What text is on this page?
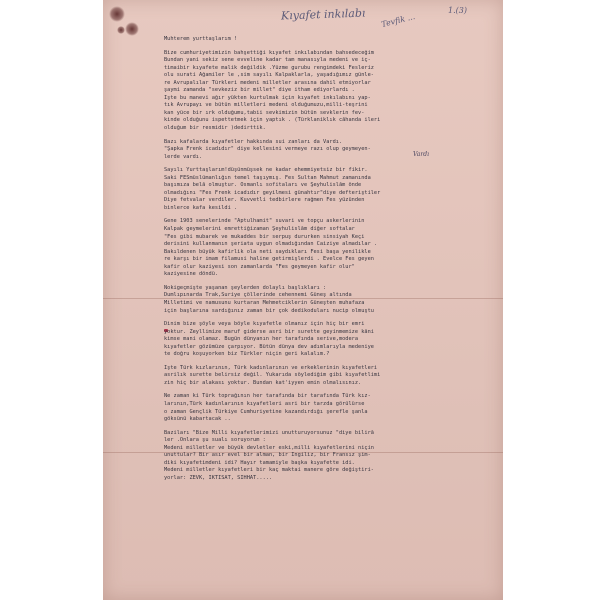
Kıyafet inkılabı Tevfik ...
1.(3)
Vardı
Muhterem yurttaşlarım !
Bize cumhuriyetimizin bahşettiği kıyafet inkılabından bahsedeceğim
Bundan yani sekiz sene evveline kadar tam manasıyla medeni ve iç-
timaibir kıyafete malik değildik .Yüzme gurubu rengimdeki Fesleriz
olu surati Ağamiler le ,sim sayılı Kalpaklarla, yaşadığımız günle-
re Avrupalılar Türkleri medeni milletler arasına dahil etmiyorlar
şaymi zamanda "sevkeziz bir millet" diye itham ediyorlardı .
İşte bu manevi ağır yükten kurtulmak için kıyafet inkılabını yap-
tık Avrupayı ve bütün milletleri medeni olduğumuzu,milli-teşrini
kan yüce bir ırk olduğumu,tabii sevkimizin bütün sevklerin fev-
kinde olduğunu ispettetmek için yaptık . (Türklaniklık câhanda ileri
olduğum bir resmidir )dedirttik.
Bazı kafalarda kıyafetler hakkında sui zanları da Vardı.
"Şapka Frenk icadıdır" diye kellesini vermeye razı olup geymeyen-
lerde vardı.
Sayılı Yurttaşlarım!düşünmüşsek ne kadar ehemmiyetsiz bir fikir.
Saki FESmüslümanlığın temel taşıymış. Fes Sultan Mahmut zamanında
başımıza belâ olmuştur. Osmanlı sofitaları ve Şeyhulislâm önde
olmadığını "Fes Frenk icadıdır geyilmesi günahtır"diye defteriştiler
Diye fetvalar verdiler. Kuvvetli tedbirlere rağmen Fes yüzünden
binlerce kafa kesildi .
Gene 1903 senelerinde "Aptulhamit" suvari ve topçu askerlerinin
Kalpak geymelerini emrettiğizaman Şeyhulislâm diğer softalar
"Fes gibi mubarek ve mukaddes bir serpuş dururken sinsiyah Keçi
derisini kullanmanın şeriata uygun olmadığından Caiziye almadılar .
Bakıldenen büyük kafirlik ola neti saydıkları Fesi başa yenilikle
re karşı bir imam filamusi haline getirmişlerdi . Evelce Fes geyen
kafir olur kaziyesi son zamanlarda "Fes geymeyen kafir olur"
kaziyesine döndü.
Nokigeçmişte yaşanan şeylerden dolaylı başlıkları :
Dumlıpınarda Trak,Suriye çöllerinde cehennemi Güneş altında
Milletimi ve namusunu kurtaran Mehmetciklerin Güneşten muhafaza
için başlarına sardığınız zaman bir çok dedikoduları nucip olmuştu
Dinim bize şöyle veya böyle kıyafetle olmanız için hiç bir emri
yoktur. Zeyllimize maruf giderse asri bir surette geyinmemize kâni
kimse mani olamaz. Bugün dünyanın her tarafında serive,modera
kıyafetler gözümüze çarpıyor. Bütün dünya dev adımlarıyla medeniye
te doğru koşuyorken biz Türkler niçin geri kalalım.?
İşte Türk kızlarının, Türk kadınlarının ve erkeklerinin kıyafetleri
asrilık surette belirsiz değil. Yukarıda söylediğim gibi kıyafetlimi
zin hiç bir alakası yoktur. Bundan kat'iyyen emin olmalısınız.
Ne zaman ki Türk toprağının her tarafında bir tarafında Türk kız-
larının,Türk kadınlarının kıyafetleri asri bir tarzda görülürse
o zaman Gençlik Türkiye Cumhuriyetine kazandırdığı şerefle şanla
göksünü kabartacak ..
Baziları "Bize Milli kıyafetlerimizi unutturuyorsunuz "diye bilirâ
ler .Onlara şu sualı soruyorum :
Medeni milletler ve büyük devletler eski,milli kıyafetlerini niçin
unuttular? Bir asır evel bir alman, bir İngiliz, bir Fransız şim-
diki kıyafetimdeni idi? Hayır tamamiyle başka kıyafette idi.
Medeni milletler kıyafetleri bir kaç maktai manere göre değiştiri-
yorlar: ZEVK, İKTİSAT, SIHHAT.....
